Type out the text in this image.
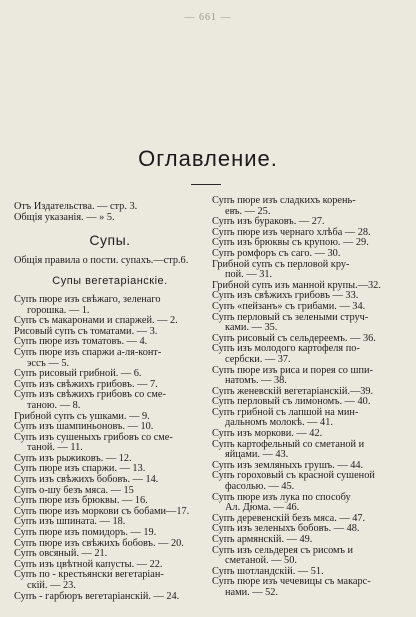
— 661 —
Оглавление.
Отъ Издательства. — стр. 3.
Общія указанія. — » 5.
Супы.
Общія правила о пости. супахъ.—стр.6.
Супы вегетаріанскіе.
Супъ пюре изъ свѣжаго, зеленаго
горошка. — 1.
Супъ съ макаронами и спаржей. — 2.
Рисовый супъ съ томатами. — 3.
Супъ пюре изъ томатовъ. — 4.
Супъ пюре изъ спаржи а-ля-конт-
эссъ — 5.
Супъ рисовый грибной. — 6.
Супъ изъ свѣжихъ грибовъ. — 7.
Супъ изъ свѣжихъ грибовъ со сме-
таною. — 8.
Грибной супъ съ ушками. — 9.
Супъ изъ шампиньоновъ. — 10.
Супъ изъ сушеныхъ грибовъ со сме-
таной. — 11.
Супъ изъ рыжиковъ. — 12.
Супъ пюре изъ спаржи. — 13.
Супъ изъ свѣжихъ бобовъ. — 14.
Супъ о-шу безъ мяса. — 15
Супъ пюре изъ брюквы. — 16.
Супъ пюре изъ моркови съ бобами—17.
Супъ изъ шпината. — 18.
Супъ пюре изъ помидоръ. — 19.
Супъ пюре изъ свѣжихъ бобовъ. — 20.
Супъ овсяный. — 21.
Супъ изъ цвѣтной капусты. — 22.
Супъ по - крестьянски вегетаріан-
скій. — 23.
Супъ - гарбюръ вегетаріанскій. — 24.
Супъ пюре изъ сладкихъ корень-
евъ. — 25.
Супъ изъ бураковъ. — 27.
Супъ пюре изъ чернаго хлѣба — 28.
Супъ изъ брюквы съ крупою. — 29.
Супъ ромфоръ съ саго. — 30.
Грибной супъ съ перловой кру-
пой. — 31.
Грибной супъ изъ манной крупы.—32.
Супъ изъ свѣжихъ грибовъ — 33.
Супъ «пейзанъ» съ грибами. — 34.
Супъ перловый съ зелеными струч-
ками. — 35.
Супъ рисовый съ сельдереемъ. — 36.
Супъ изъ молодого картофеля по-
сербски. — 37.
Супъ пюре изъ риса и порея со шпи-
натомъ. — 38.
Супъ женевскій вегетаріанскій.—39.
Супъ перловый съ лимономъ. — 40.
Супъ грибной съ лапшой на мин-
дальномъ молокѣ. — 41.
Супъ изъ моркови. — 42.
Супъ картофельный со сметаной и
яйцами. — 43.
Супъ изъ земляныхъ грушъ. — 44.
Супъ гороховый съ красной сушеной
фасолью. — 45.
Супъ пюре изъ лука по способу
Ал. Дюма. — 46.
Супъ деревенскій безъ мяса. — 47.
Супъ изъ зеленыхъ бобовъ. — 48.
Супъ армянскій. — 49.
Супъ изъ сельдерея съ рисомъ и
сметаной. — 50.
Супъ шотландскій. — 51.
Супъ пюре изъ чечевицы съ макарс-
нами. — 52.
